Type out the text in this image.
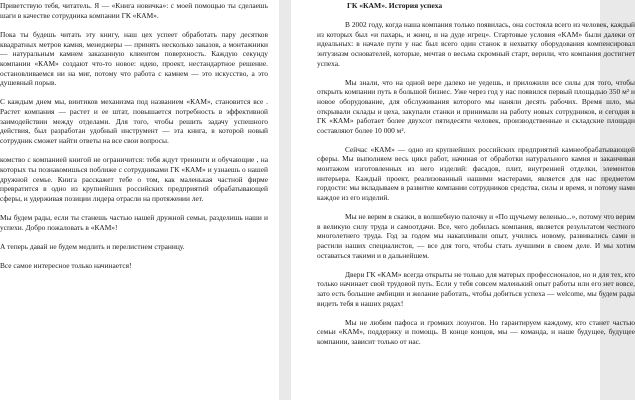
Приветствую тебя, читатель. Я — «Книга новичка»: с моей помощью ты сделаешь шаги в качестве сотрудника компании ГК «КАМ».

Пока ты будешь читать эту книгу, наш цех успеет обработать пару десятков квадратных метров камня, менеджеры — принять несколько заказов, а монтажники — натуральным камнем заказанную клиентом поверхность. Каждую секунду компании «КАМ» создают что-то новое: идею, проект, нестандартное решение. остановливаемся ни на миг, потому что работа с камнем — это искусство, а это душевный порыв.

С каждым днем мы, винтиков механизма под названием «КАМ», становится все . Растет компания — растет и ее штат, повышается потребность в эффективной заимодействии между отделами. Для того, чтобы решить задачу успешного действия, был разработан удобный инструмент — эта книга, в которой новый сотрудник сможет найти ответы на все свои вопросы.

комство с компанией книгой не ограничится: тебя ждут тренинги и обучающие , на которых ты познакомишься поближе с сотрудниками ГК «КАМ» и узнаешь о нашей дружной семье. Книга расскажет тебе о том, как маленькая частной фирме превратится в одно из крупнейших российских предприятий обрабатывающей сферы, и удерживая позиции лидера отрасли на протяжении лет.

Мы будем рады, если ты станешь частью нашей дружной семьи, разделишь наши и успехи. Добро пожаловать в «КАМ»!

А теперь давай не будем медлить и перелистнем страницу.

Все самое интересное только начинается!

ГК «КАМ». История успеха

В 2002 году, когда наша компания только появилась, она состояла всего из человек, каждый из которых был «и пахарь, и жнец, и на дуде игрец». Стартовые условия «КАМ» были далеки от идеальных: в начале пути у нас был всего один станок в нехватку оборудования компенсировал энтузиазм основателей, которые, мечтая о весьма скромный старт, верили, что компания достигнет успеха.

Мы знали, что на одной вере далеко не уедешь, и приложили все силы для того, чтобы открыть компании путь в большой бизнес. Уже через год у нас появился первый площадью 350 м² и новое оборудование, для обслуживания которого мы наняли десять рабочих. Время шло, мы открывали склады и цеха, закупали станки и принимали на работу новых сотрудников, и сегодня в ГК «КАМ» работает более двухсот пятидесяти человек, производственные и складские площади составляют более 10 000 м².

Сейчас «КАМ» — одно из крупнейших российских предприятий камнеобрабатывающей сферы. Мы выполняем весь цикл работ, начиная от обработки натурального камня и заканчивая монтажом изготовленных из него изделий: фасадов, плит, внутренней отделки, элементов интерьера. Каждый проект, реализованный нашими мастерами, является для нас предметом гордости: мы вкладываем в развитие компании сотрудников средства, силы и время, и потому нами каждое из его изделий.

Мы не верим в сказки, в волшебную палочку и «По щучьему веленью...», потому что верим в великую силу труда и самоотдачи. Все, чего добилась компания, является результатом честного многолетнего труда. Год за годом мы накапливали опыт, учились новому, развивались сами и растили наших специалистов, — все для того, чтобы стать лучшими в своем деле. И мы хотим оставаться такими и в дальнейшем.

Двери ГК «КАМ» всегда открыты не только для матерых профессионалов, но и для тех, кто только начинает свой трудовой путь. Если у тебя совсем маленький опыт работы или его нет вовсе, зато есть большие амбиции и желание работать, чтобы добиться успеха — welcome, мы будем рады видеть тебя в наших рядах!

Мы не любим пафоса и громких лозунгов. Но гарантируем каждому, кто станет частью семьи «КАМ», поддержку и помощь. В конце концов, мы — команда, и наше будущее, будущее компании, зависит только от нас.
